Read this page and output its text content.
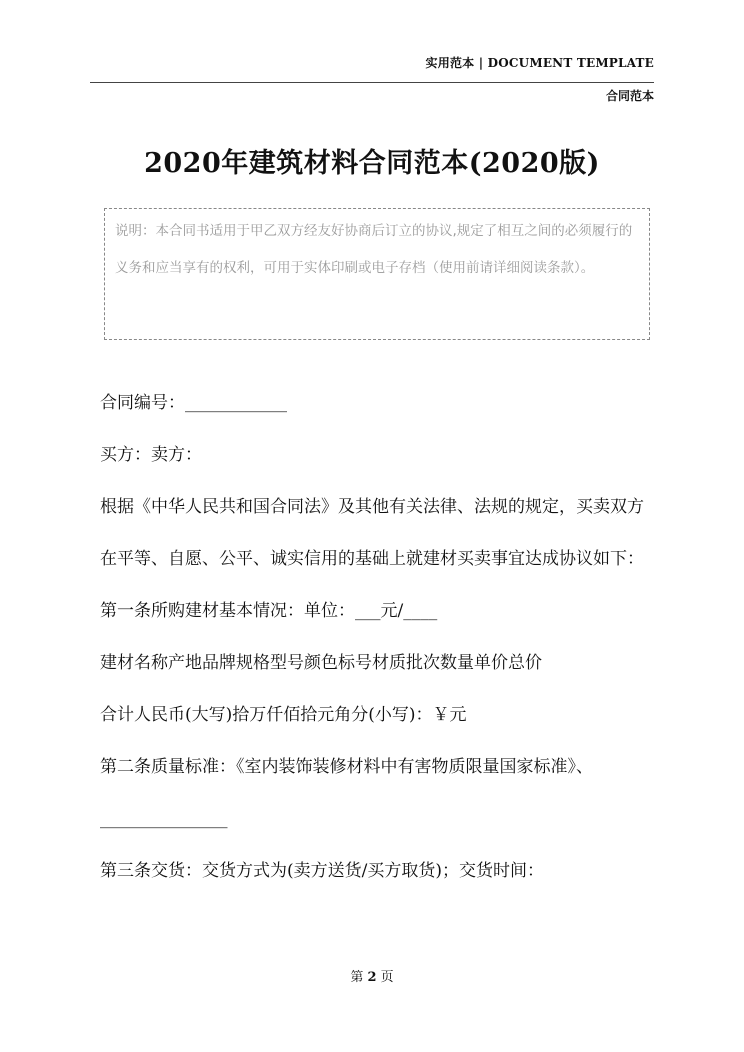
实用范本 | DOCUMENT TEMPLATE
合同范本
2020年建筑材料合同范本(2020版)
说明：本合同书适用于甲乙双方经友好协商后订立的协议,规定了相互之间的必须履行的义务和应当享有的权利，可用于实体印刷或电子存档（使用前请详细阅读条款）。

合同编号：____________

买方：卖方：

根据《中华人民共和国合同法》及其他有关法律、法规的规定，买卖双方在平等、自愿、公平、诚实信用的基础上就建材买卖事宜达成协议如下：

第一条所购建材基本情况：单位：___元/____

建材名称产地品牌规格型号颜色标号材质批次数量单价总价

合计人民币(大写)拾万仟佰拾元角分(小写)：￥元

第二条质量标准：《室内装饰装修材料中有害物质限量国家标准》、

_______________

第三条交货：交货方式为(卖方送货/买方取货)；交货时间：

第 2 页
